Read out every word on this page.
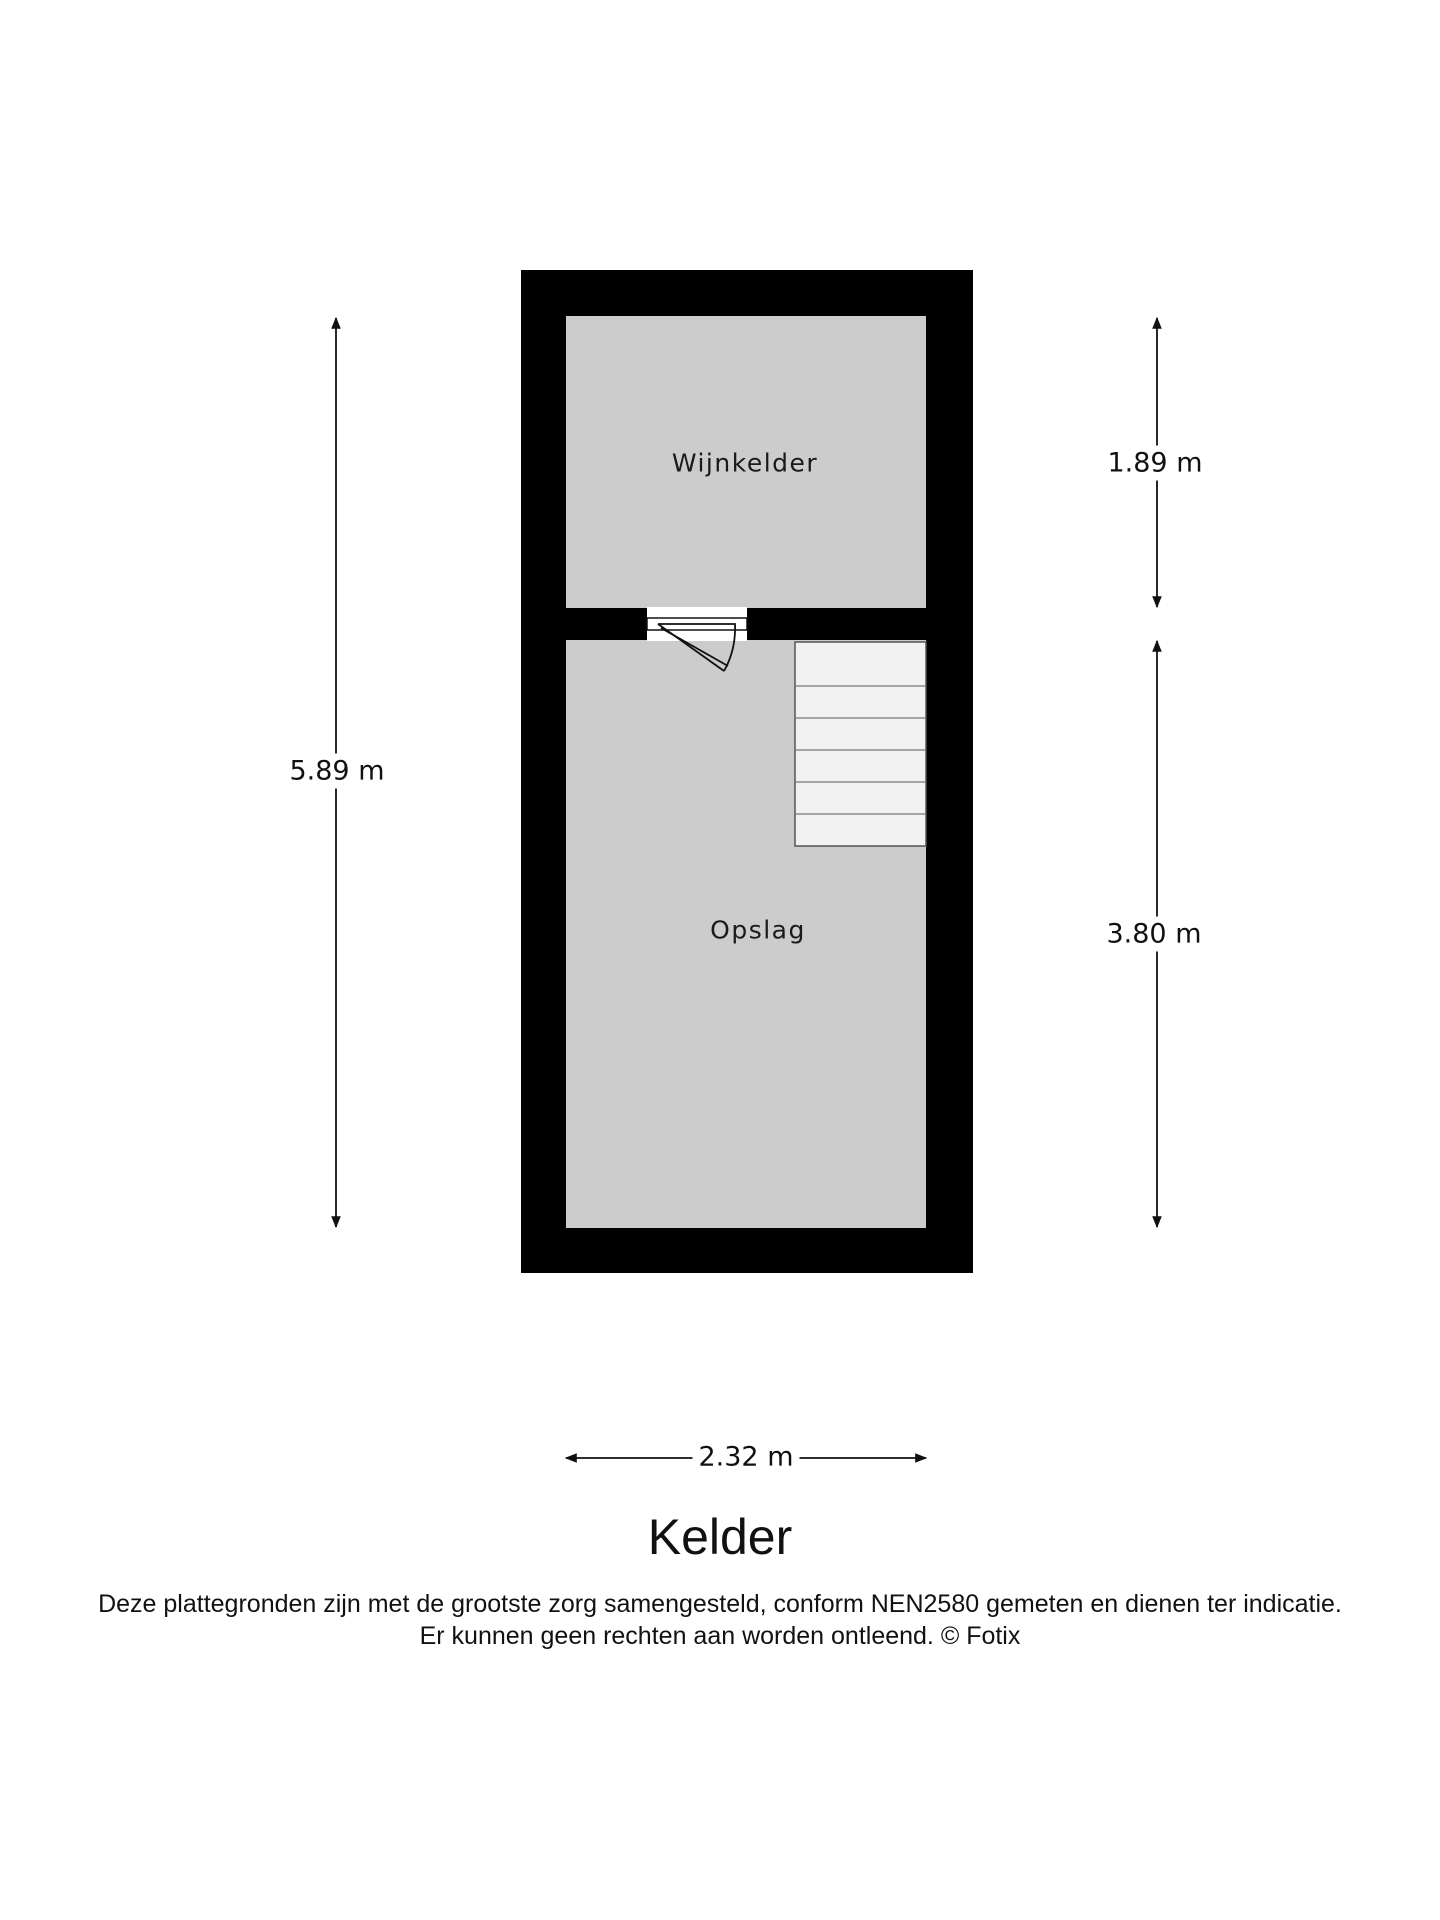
Wijnkelder
Opslag
5.89 m
1.89 m
3.80 m
2.32 m
Kelder
Deze plattegronden zijn met de grootste zorg samengesteld, conform NEN2580 gemeten en dienen ter indicatie.
Er kunnen geen rechten aan worden ontleend. © Fotix
